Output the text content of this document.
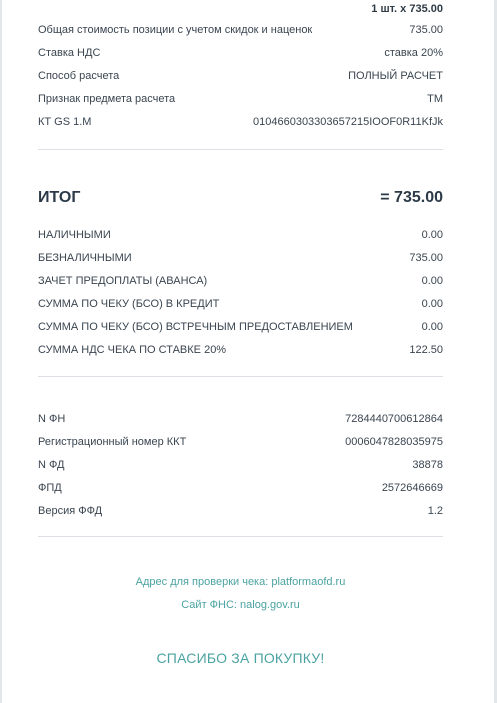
1 шт. x 735.00
Общая стоимость позиции с учетом скидок и наценок	735.00
Ставка НДС	ставка 20%
Способ расчета	ПОЛНЫЙ РАСЧЕТ
Признак предмета расчета	ТМ
КТ GS 1.М	0104660303303657215IOOF0R11KfJk
ИТОГ	= 735.00
НАЛИЧНЫМИ	0.00
БЕЗНАЛИЧНЫМИ	735.00
ЗАЧЕТ ПРЕДОПЛАТЫ (АВАНСА)	0.00
СУММА ПО ЧЕКУ (БСО) В КРЕДИТ	0.00
СУММА ПО ЧЕКУ (БСО) ВСТРЕЧНЫМ ПРЕДОСТАВЛЕНИЕМ	0.00
СУММА НДС ЧЕКА ПО СТАВКЕ 20%	122.50
N ФН	7284440700612864
Регистрационный номер ККТ	0006047828035975
N ФД	38878
ФПД	2572646669
Версия ФФД	1.2
Адрес для проверки чека: platformaofd.ru
Сайт ФНС: nalog.gov.ru
СПАСИБО ЗА ПОКУПКУ!
